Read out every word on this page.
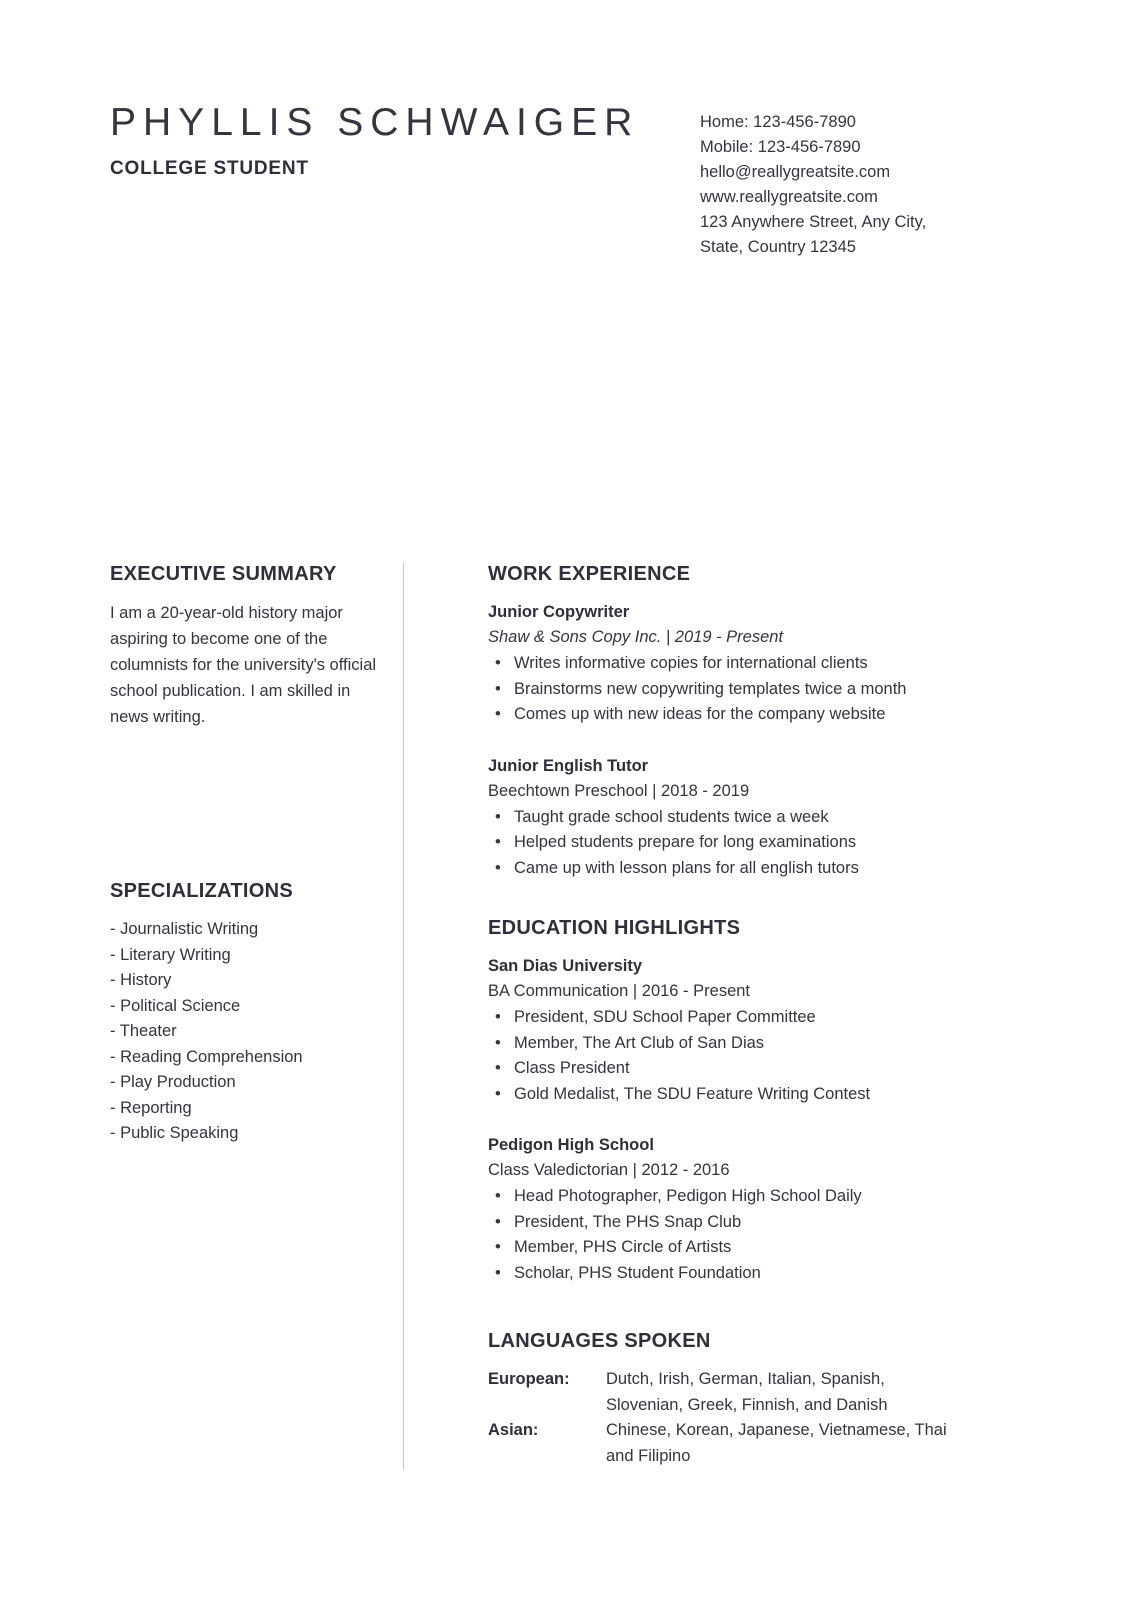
PHYLLIS SCHWAIGER
COLLEGE STUDENT
Home: 123-456-7890
Mobile: 123-456-7890
hello@reallygreatsite.com
www.reallygreatsite.com
123 Anywhere Street, Any City,
State, Country 12345
EXECUTIVE SUMMARY
I am a 20-year-old history major aspiring to become one of the columnists for the university's official school publication. I am skilled in news writing.
SPECIALIZATIONS
- Journalistic Writing
- Literary Writing
- History
- Political Science
- Theater
- Reading Comprehension
- Play Production
- Reporting
- Public Speaking
WORK EXPERIENCE
Junior Copywriter
Shaw & Sons Copy Inc. | 2019 - Present
• Writes informative copies for international clients
• Brainstorms new copywriting templates twice a month
• Comes up with new ideas for the company website
Junior English Tutor
Beechtown Preschool | 2018 - 2019
• Taught grade school students twice a week
• Helped students prepare for long examinations
• Came up with lesson plans for all english tutors
EDUCATION HIGHLIGHTS
San Dias University
BA Communication | 2016 - Present
• President, SDU School Paper Committee
• Member, The Art Club of San Dias
• Class President
• Gold Medalist, The SDU Feature Writing Contest
Pedigon High School
Class Valedictorian | 2012 - 2016
• Head Photographer, Pedigon High School Daily
• President, The PHS Snap Club
• Member, PHS Circle of Artists
• Scholar, PHS Student Foundation
LANGUAGES SPOKEN
European:	Dutch, Irish, German, Italian, Spanish, Slovenian, Greek, Finnish, and Danish
Asian:	Chinese, Korean, Japanese, Vietnamese, Thai and Filipino
